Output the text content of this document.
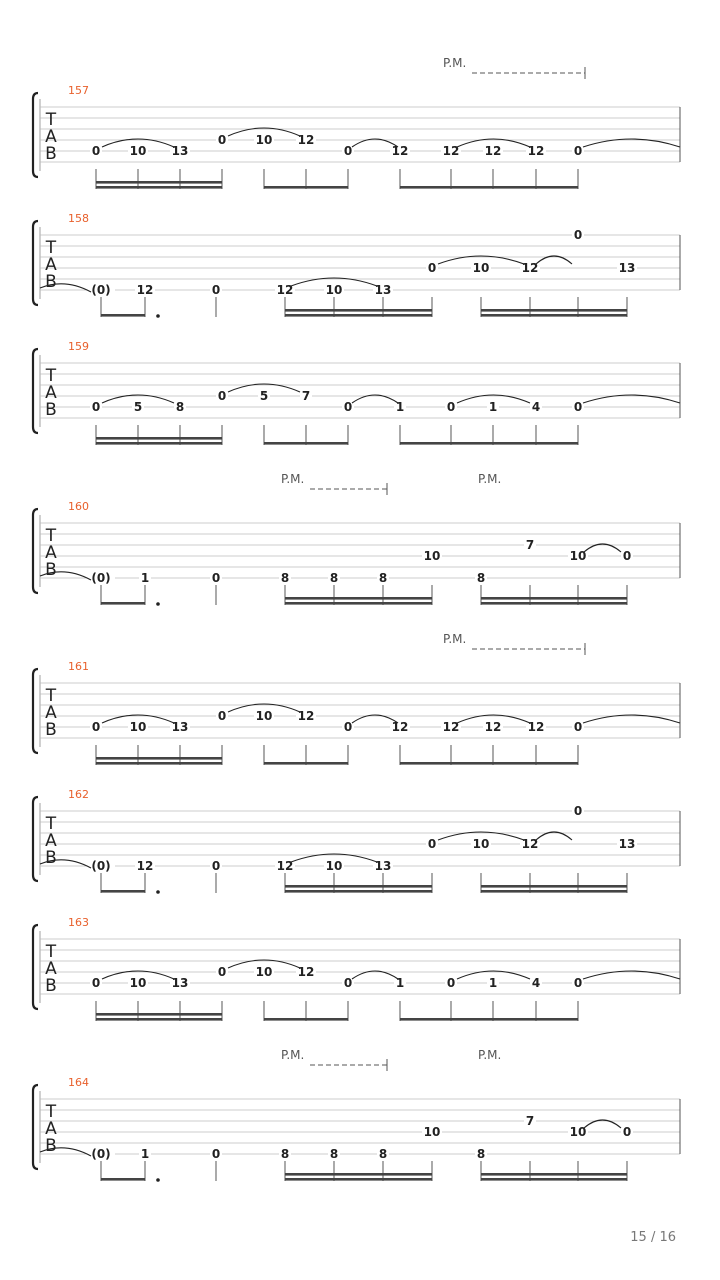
T
A
B
157
P.M.
0 10 13
0 10 12
0	12	12 12 12 0
T
A
B
158
(0) 12	0	12	10	13
0	10	12
0
13
T
A
B
159
0	5	8
0	5	7
0	1	0	1	4	0
T
A
B
160
P.M.	P.M.
(0)	1	0	8	8	8
10
8
7
10	0
T
A
B
161
P.M.
0 10 13
0 10 12
0	12	12 12 12 0
T
A
B
162
(0) 12	0	12	10	13
0	10	12
0
13
T
A
B
163
0 10 13
0 10 12
0	1	0	1	4	0
T
A
B
164
P.M.	P.M.
(0)	1	0	8	8	8
10
8
7
10	0
15 / 16
